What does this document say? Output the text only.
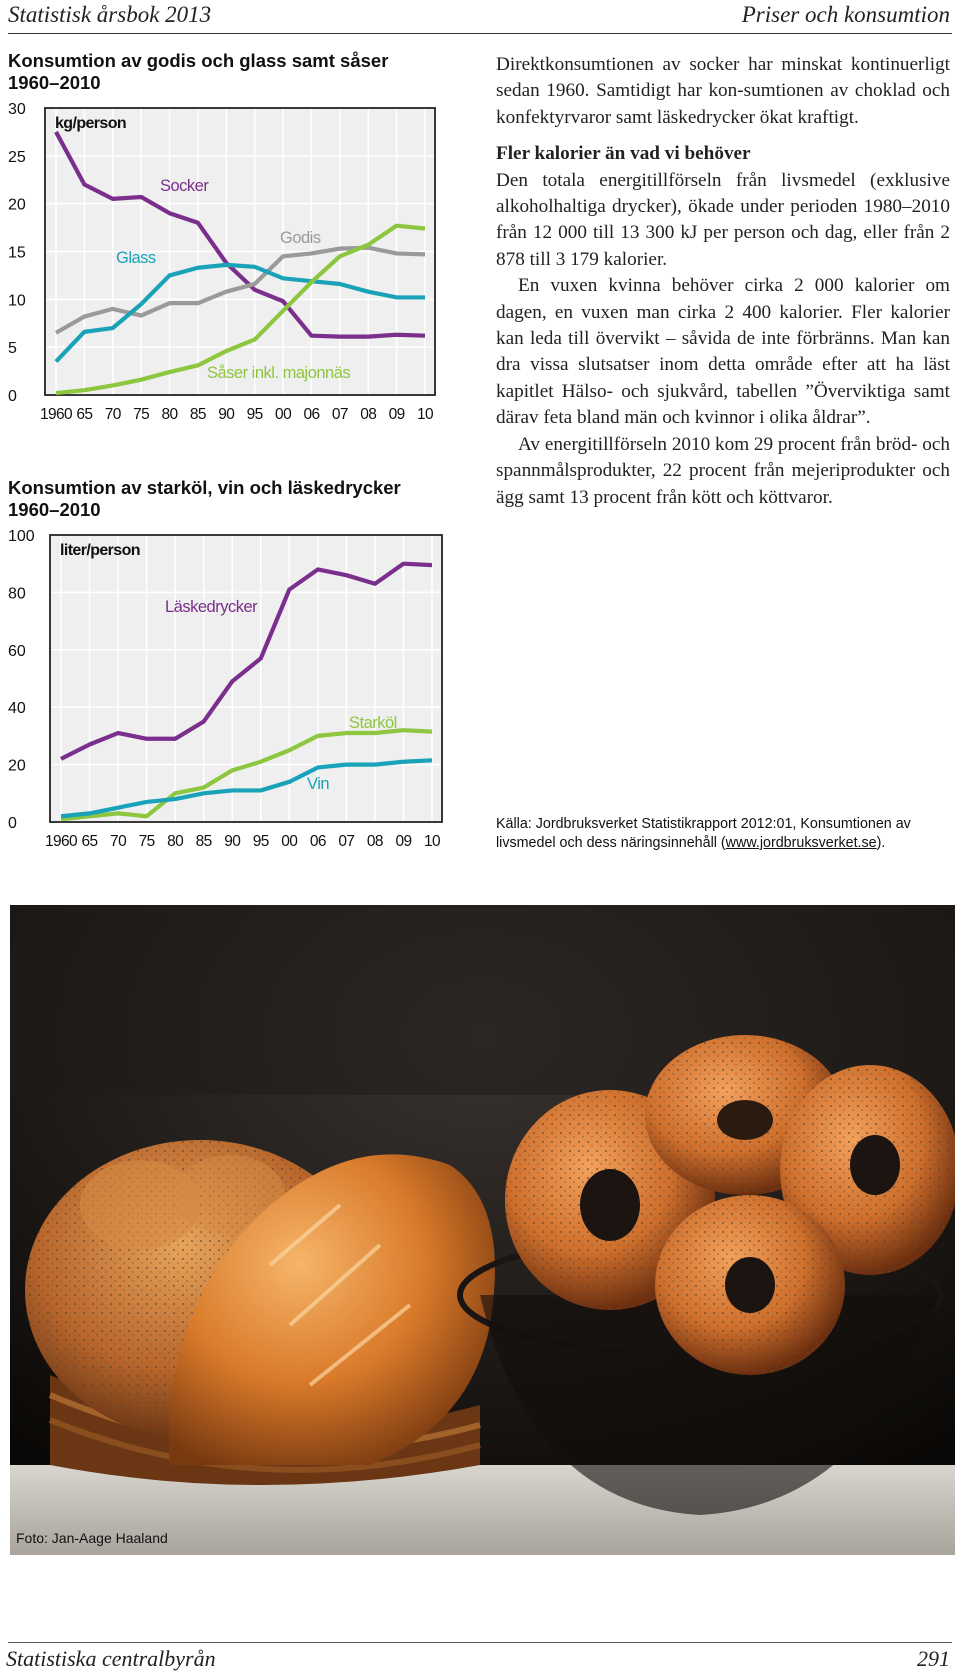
Statistisk årsbok 2013	Priser och konsumtion
Konsumtion av godis och glass samt såser
1960–2010
0
5
10
15
20
25
30
1960 65 70 75 80 85 90 95 00 06 07 08 09 10
kg/person
Socker
Godis
Glass
Såser inkl. majonnäs
Konsumtion av starköl, vin och läskedrycker
1960–2010
0
20
40
60
80
100
1960 65 70 75 80 85 90 95 00 06 07 08 09 10
liter/person
Läskedrycker
Starköl
Vin

Direktkonsumtionen av socker har minskat kontinuerligt sedan 1960. Samtidigt har kon-sumtionen av choklad och konfektyrvaror samt läskedrycker ökat kraftigt.

Fler kalorier än vad vi behöver

Den totala energitillförseln från livsmedel (exklusive alkoholhaltiga drycker), ökade under perioden 1980–2010 från 12 000 till 13 300 kJ per person och dag, eller från 2 878 till 3 179 kalorier.

En vuxen kvinna behöver cirka 2 000 kalorier om dagen, en vuxen man cirka 2 400 kalorier. Fler kalorier kan leda till övervikt – såvida de inte förbränns. Man kan dra vissa slutsatser inom detta område efter att ha läst kapitlet Hälso- och sjukvård, tabellen ”Överviktiga samt därav feta bland män och kvinnor i olika åldrar”.

Av energitillförseln 2010 kom 29 procent från bröd- och spannmålsprodukter, 22 procent från mejeriprodukter och ägg samt 13 procent från kött och köttvaror.

Källa: Jordbruksverket Statistikrapport 2012:01, Konsumtionen av livsmedel och dess näringsinnehåll (www.jordbruksverket.se).
Foto: Jan-Aage Haaland
Statistiska centralbyrån	291
